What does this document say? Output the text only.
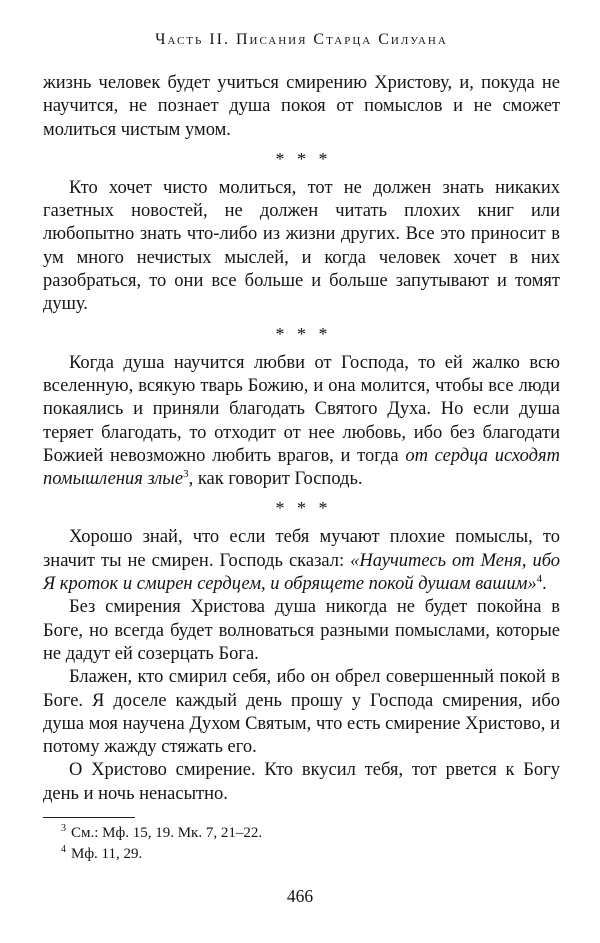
Часть II. Писания Старца Силуана

жизнь человек будет учиться смирению Христову, и, покуда не научится, не познает душа покоя от помыслов и не сможет молиться чистым умом.

* * *

Кто хочет чисто молиться, тот не должен знать никаких газетных новостей, не должен читать плохих книг или любопытно знать что-либо из жизни других. Все это приносит в ум много нечистых мыслей, и когда человек хочет в них разобраться, то они все больше и больше запутывают и томят душу.

* * *

Когда душа научится любви от Господа, то ей жалко всю вселенную, всякую тварь Божию, и она молится, чтобы все люди покаялись и приняли благодать Святого Духа. Но если душа теряет благодать, то отходит от нее любовь, ибо без благодати Божией невозможно любить врагов, и тогда от сердца исходят помышления злые$^3$, как говорит Господь.

* * *

Хорошо знай, что если тебя мучают плохие помыслы, то значит ты не смирен. Господь сказал: «Научитесь от Меня, ибо Я кроток и смирен сердцем, и обрящете покой душам вашим»$^4$.

Без смирения Христова душа никогда не будет покойна в Боге, но всегда будет волноваться разными помыслами, которые не дадут ей созерцать Бога.

Блажен, кто смирил себя, ибо он обрел совершенный покой в Боге. Я доселе каждый день прошу у Господа смирения, ибо душа моя научена Духом Святым, что есть смирение Христово, и потому жажду стяжать его.

О Христово смирение. Кто вкусил тебя, тот рвется к Богу день и ночь ненасытно.

$^3$ См.: Мф. 15, 19. Мк. 7, 21–22.
$^4$ Мф. 11, 29.
466
